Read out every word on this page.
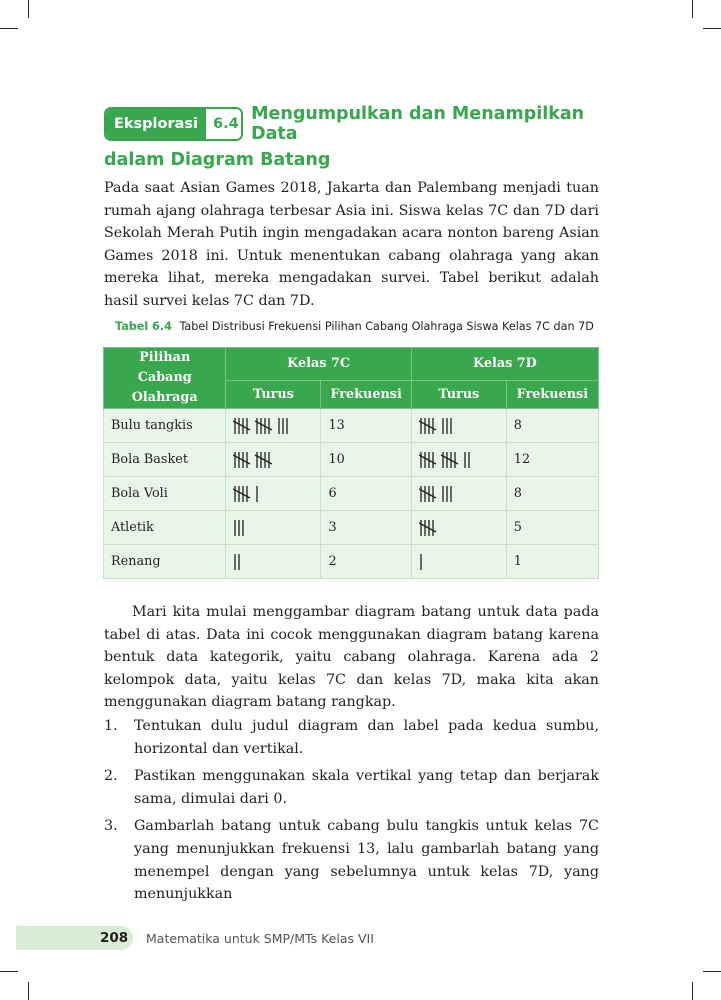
Eksplorasi	6.4 Mengumpulkan dan Menampilkan Data
dalam Diagram Batang
Pada saat Asian Games 2018, Jakarta dan Palembang menjadi tuan rumah ajang olahraga terbesar Asia ini. Siswa kelas 7C dan 7D dari Sekolah Merah Putih ingin mengadakan acara nonton bareng Asian Games 2018 ini. Untuk menentukan cabang olahraga yang akan mereka lihat, mereka mengadakan survei. Tabel berikut adalah hasil survei kelas 7C dan 7D.
Tabel 6.4 Tabel Distribusi Frekuensi Pilihan Cabang Olahraga Siswa Kelas 7C dan 7D
Pilihan Cabang Olahraga	Kelas 7C		Kelas 7D	
	Turus	Frekuensi	Turus	Frekuensi
Bulu tangkis		13		8
Bola Basket		10		12
Bola Voli		6		8
Atletik		3		5
Renang		2		1
Mari kita mulai menggambar diagram batang untuk data pada tabel di atas. Data ini cocok menggunakan diagram batang karena bentuk data kategorik, yaitu cabang olahraga. Karena ada 2 kelompok data, yaitu kelas 7C dan kelas 7D, maka kita akan menggunakan diagram batang rangkap.
1.	Tentukan dulu judul diagram dan label pada kedua sumbu, horizontal dan vertikal.
2.	Pastikan menggunakan skala vertikal yang tetap dan berjarak sama, dimulai dari 0.
3.	Gambarlah batang untuk cabang bulu tangkis untuk kelas 7C yang menunjukkan frekuensi 13, lalu gambarlah batang yang menempel dengan yang sebelumnya untuk kelas 7D, yang menunjukkan
208 Matematika untuk SMP/MTs Kelas VII
